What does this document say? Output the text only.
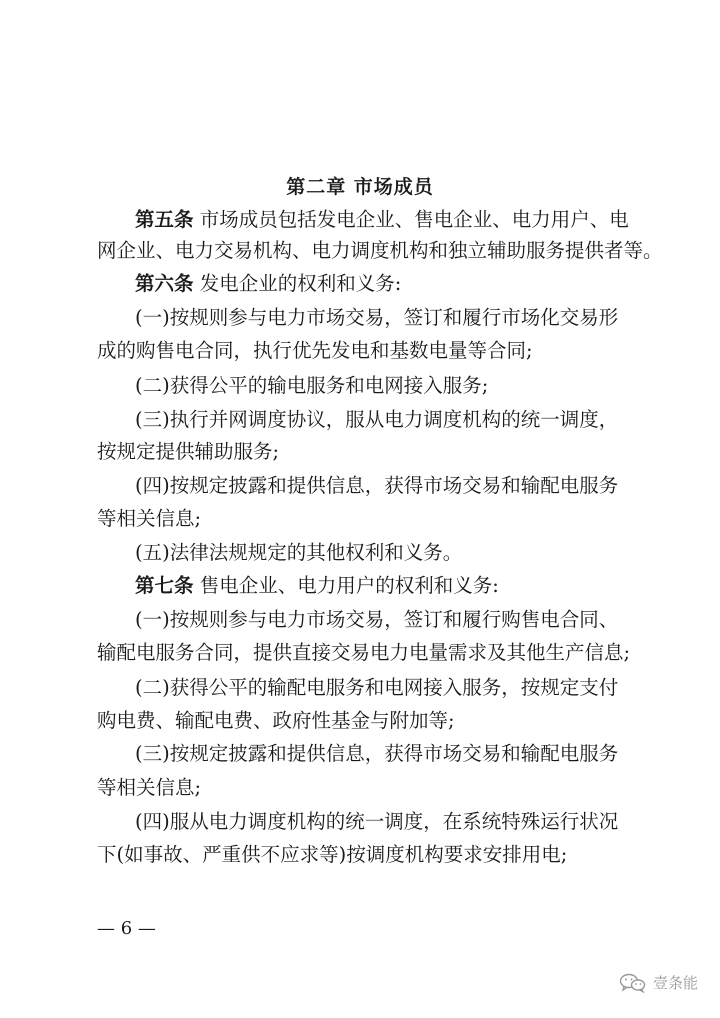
第二章 市场成员
第五条 市场成员包括发电企业、售电企业、电力用户、电
网企业、电力交易机构、电力调度机构和独立辅助服务提供者等。
第六条 发电企业的权利和义务:
(一)按规则参与电力市场交易，签订和履行市场化交易形
成的购售电合同，执行优先发电和基数电量等合同;
(二)获得公平的输电服务和电网接入服务;
(三)执行并网调度协议，服从电力调度机构的统一调度，
按规定提供辅助服务;
(四)按规定披露和提供信息，获得市场交易和输配电服务
等相关信息;
(五)法律法规规定的其他权利和义务。
第七条 售电企业、电力用户的权利和义务:
(一)按规则参与电力市场交易，签订和履行购售电合同、
输配电服务合同，提供直接交易电力电量需求及其他生产信息;
(二)获得公平的输配电服务和电网接入服务，按规定支付
购电费、输配电费、政府性基金与附加等;
(三)按规定披露和提供信息，获得市场交易和输配电服务
等相关信息;
(四)服从电力调度机构的统一调度，在系统特殊运行状况
下(如事故、严重供不应求等)按调度机构要求安排用电;
— 6 —
壹条能
